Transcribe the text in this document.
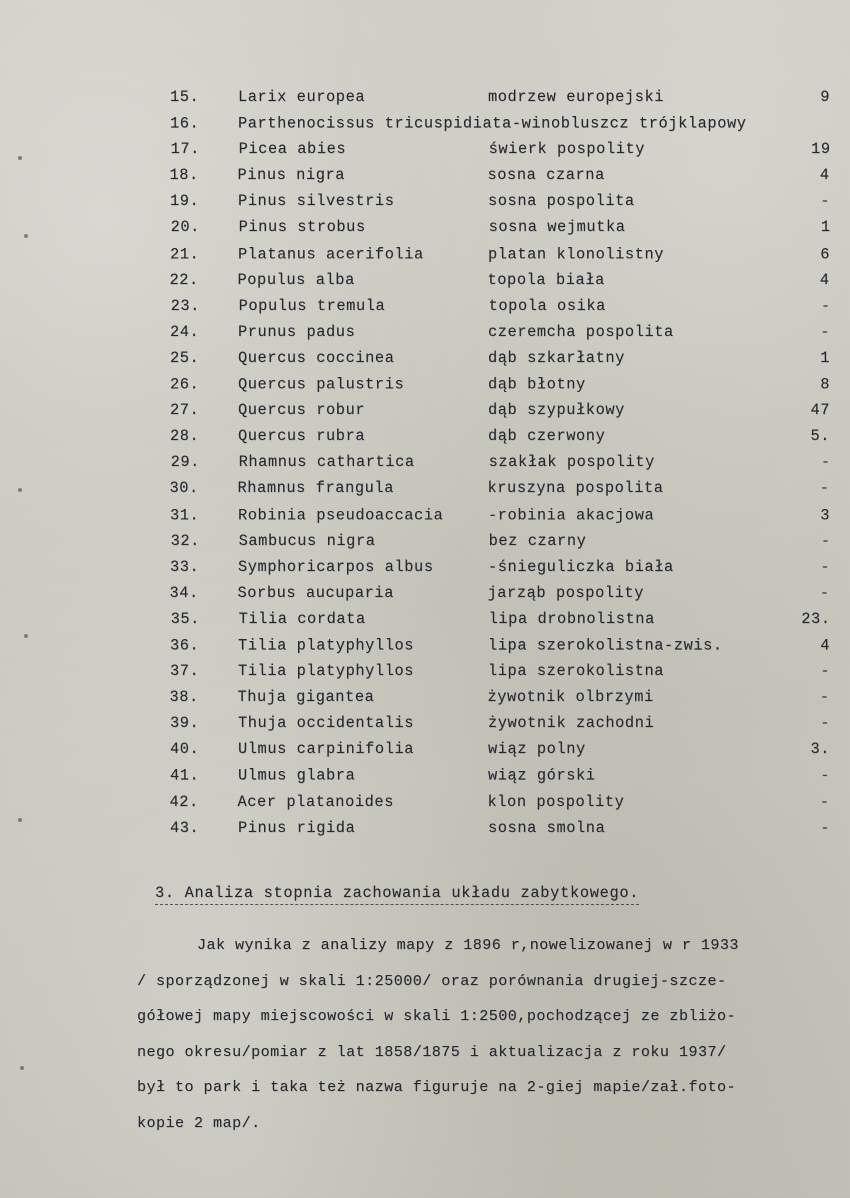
15.	Larix europea	modrzew europejski	9
16.	Parthenocissus tricuspidiata-winobluszcz trójklapowy
17.	Picea abies	świerk pospolity	19
18.	Pinus nigra	sosna czarna	4
19.	Pinus silvestris	sosna pospolita	-
20.	Pinus strobus	sosna wejmutka	1
21.	Platanus acerifolia	platan klonolistny	6
22.	Populus alba	topola biała	4
23.	Populus tremula	topola osika	-
24.	Prunus padus	czeremcha pospolita	-
25.	Quercus coccinea	dąb szkarłatny	1
26.	Quercus palustris	dąb błotny	8
27.	Quercus robur	dąb szypułkowy	47
28.	Quercus rubra	dąb czerwony	5.
29.	Rhamnus cathartica	szakłak pospolity	-
30.	Rhamnus frangula	kruszyna pospolita	-
31.	Robinia pseudoaccacia	-robinia akacjowa	3
32.	Sambucus nigra	bez czarny	-
33.	Symphoricarpos albus	-śnieguliczka biała	-
34.	Sorbus aucuparia	jarząb pospolity	-
35.	Tilia cordata	lipa drobnolistna	23.
36.	Tilia platyphyllos	lipa szerokolistna-zwis.	4
37.	Tilia platyphyllos	lipa szerokolistna	-
38.	Thuja gigantea	żywotnik olbrzymi	-
39.	Thuja occidentalis	żywotnik zachodni	-
40.	Ulmus carpinifolia	wiąz polny	3.
41.	Ulmus glabra	wiąz górski	-
42.	Acer platanoides	klon pospolity	-
43.	Pinus rigida	sosna smolna	-
3. Analiza stopnia zachowania układu zabytkowego.
Jak wynika z analizy mapy z 1896 r,nowelizowanej w r 1933
/ sporządzonej w skali 1:25000/ oraz porównania drugiej-szcze-
gółowej mapy miejscowości w skali 1:2500,pochodzącej ze zbliżo-
nego okresu/pomiar z lat 1858/1875 i aktualizacja z roku 1937/
był to park i taka też nazwa figuruje na 2-giej mapie/zał.foto-
kopie 2 map/.
